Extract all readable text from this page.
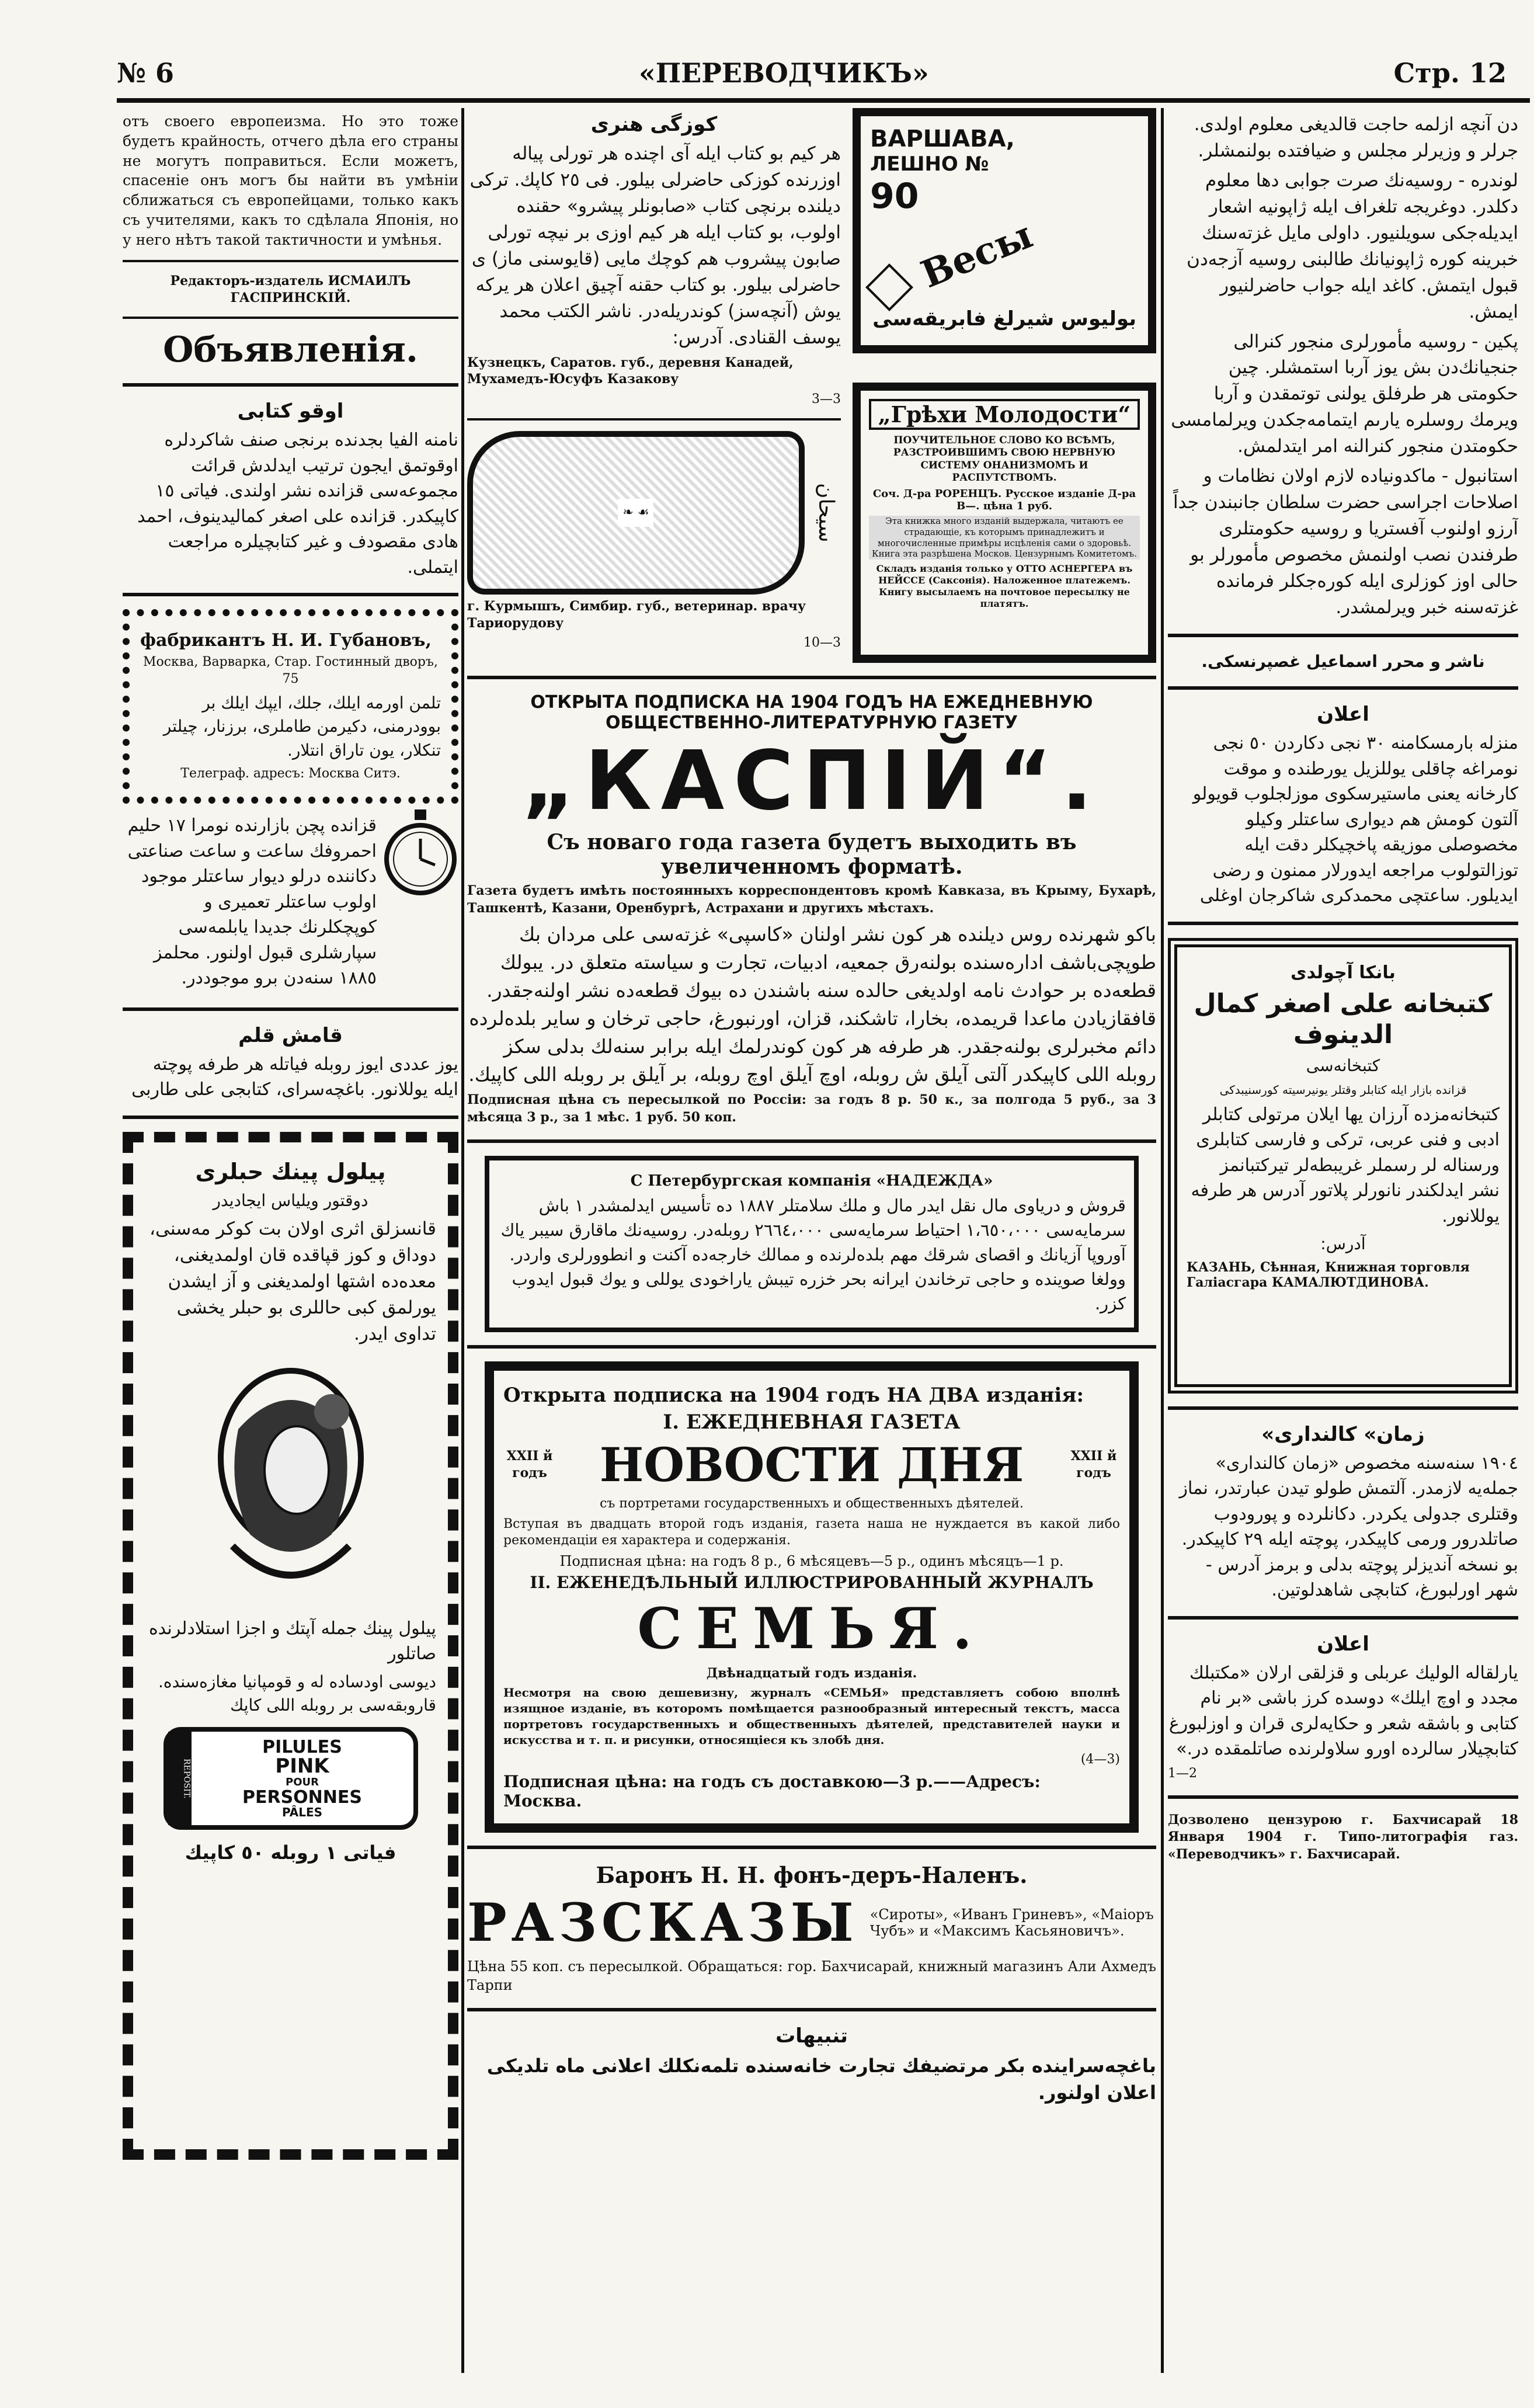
№ 6	«ПЕРЕВОДЧИКЪ»	Стр. 12

отъ своего европеизма. Но это тоже будетъ крайность, отчего дѣла его страны не могутъ поправиться. Если можетъ, спасеніе онъ могъ бы найти въ умѣніи сближаться съ европейцами, только какъ съ учителями, какъ то сдѣлала Японія, но у него нѣтъ такой тактичности и умѣнья.

Редакторъ-издатель ИСМАИЛЪ ГАСПРИНСКІЙ.

Объявленія.
اوقو كتابى

نامنه الفيا بجدنده برنجى صنف شاكردلره اوقوتمق ايجون ترتيب ايدلدش قرائت مجموعه‌سى قزانده نشر اولندى. فياتى ١٥ كاپيكدر. قزانده على اصغر كماليدينوف، احمد هادى مقصودف و غير كتابچيلره مراجعت ايتملى.

фабрикантъ Н. И. Губановъ,

Москва, Варварка, Стар. Гостинный дворъ, 75

تلمن اورمه ايلك، جلك، ايپك ايلك بر بوودرمنى، دكيرمن طاملرى، برزنار، چيلتر تنكلار، يون تاراق انتلار.

Телеграф. адресъ: Москва Ситэ.

قزانده پچن بازارنده نومرا ١٧ حليم احمروفك ساعت و ساعت صناعتى دكاننده درلو ديوار ساعتلر موجود اولوب ساعتلر تعميرى و كوپچكلرنك جديدا يابلمه‌سى سپارشلرى قبول اولنور. محلمز ١٨٨٥ سنه‌دن برو موجوددر.

قامش قلم

يوز عددى ايوز روبله فياتله هر طرفه پوچته ايله يوللانور. باغچه‌سراى، كتابجى على طاربى

پيلول پينك حبلرى

دوقتور ويلياس ايجاديدر

قانسزلق اثرى اولان بت كوكر مه‌سنى، دوداق و كوز قپاقده قان اولمديغنى، معده‌ده اشتها اولمديغنى و آز ايشدن يورلمق كبى حاللرى بو حبلر يخشى تداوى ايدر.

پيلول پينك جمله آپتك و اجزا استلادلرنده صاتلور

ديوسى اودساده له و قومپانيا مغازه‌سنده. قاروبقه‌سى بر روبله اللى كاپك

REPOSIT.
PILULES
PINK
POUR
PERSONNES
PÂLES

فياتى ١ روبله ٥٠ كاپيك

كوزگى هنرى

هر كيم بو كتاب ايله آى اچنده هر تورلى پيالە اوزرنده كوزكى حاضرلى بيلور. فى ٢٥ كاپك. تركى ديلنده برنچى كتاب «صابونلر پيشرو» حقنده اولوب، بو كتاب ايله هر كيم اوزى بر نيچه تورلى صابون پيشروب هم كوچك مايى (قايوسنى ماز) ى حاضرلى بيلور. بو كتاب حقنه آچيق اعلان هر يركه يوش (آنچه‌سز) كوندريلەدر. ناشر الكتب محمد يوسف القنادى. آدرس:

Кузнецкъ, Саратов. губ., деревня Канадей, Мухамедъ-Юсуфъ Казакову

3—3

☙ ❧	سيحان

г. Курмышъ, Симбир. губ., ветеринар. врачу Тариорудову

10—3

ВАРШАВА,
ЛЕШНО №
90
Весы
بوليوس شيرلغ فابريقه‌سى
„Грѣхи Молодости“

ПОУЧИТЕЛЬНОЕ СЛОВО КО ВСѢМЪ, РАЗСТРОИВШИМЪ СВОЮ НЕРВНУЮ СИСТЕМУ ОНАНИЗМОМЪ И РАСПУТСТВОМЪ.

Соч. Д-ра РОРЕНЦЪ. Русское изданіе Д-ра В—. цѣна 1 руб.

Эта книжка много изданій выдержала, читаютъ ее страдающіе, къ которымъ принадлежитъ и многочисленные примѣры исцѣленія сами о здоровьѣ. Книга эта разрѣшена Москов. Цензурнымъ Комитетомъ.

Складъ изданія только у ОТТО АСНЕРГЕРА въ НЕЙССЕ (Саксонія). Наложенное платежемъ. Книгу высылаемъ на почтовое пересылку не платятъ.

ОТКРЫТА ПОДПИСКА НА 1904 ГОДЪ НА ЕЖЕДНЕВНУЮ ОБЩЕСТВЕННО-ЛИТЕРАТУРНУЮ ГАЗЕТУ

„КАСПІЙ“.

Съ новаго года газета будетъ выходить въ увеличенномъ форматѣ.

Газета будетъ имѣть постоянныхъ корреспондентовъ кромѣ Кавказа, въ Крыму, Бухарѣ, Ташкентѣ, Казани, Оренбургѣ, Астрахани и другихъ мѣстахъ.

باكو شهرنده روس ديلنده هر كون نشر اولنان «كاسپى» غزته‌سى على مردان بك طوپچى‌باشف اداره‌سنده بولنه‌رق جمعيه، ادبيات، تجارت و سياسته متعلق در. يبولك قطعه‌ده بر حوادث نامه اولديغى حالده سنه باشندن ده بيوك قطعه‌ده نشر اولنه‌جقدر. قافقازيادن ماعدا قريمده، بخارا، تاشكند، قزان، اورنبورغ، حاجى ترخان و ساير بلده‌لرده دائم مخبرلرى بولنه‌جقدر. هر طرفه هر كون كوندرلمك ايله برابر سنه‌لك بدلى سكز روبله اللى كاپيكدر آلتى آيلق ش روبله، اوچ آيلق اوچ روبله، بر آيلق بر روبله اللى كاپيك.

Подписная цѣна съ пересылкой по Россіи: за годъ 8 р. 50 к., за полгода 5 руб., за 3 мѣсяца 3 р., за 1 мѣс. 1 руб. 50 коп.

С Петербургская компанія «НАДЕЖДА»

قروش و درياوى مال نقل ايدر مال و ملك سلامتلر ١٨٨٧ ده تأسيس ايدلمشدر ١ باش سرمايه‌سى ١،٦٥٠،٠٠٠ احتياط سرمايه‌سى ٢٦٦٤،٠٠٠ روبله‌در. روسيه‌نك ماقارق سيبر ياك آوروپا آزيانك و اقصاى شرقك مهم بلده‌لرنده و ممالك خارجه‌ده آكنت و انطوورلرى واردر. وولغا صوينده و حاجى ترخاندن ايرانه بحر خزره تيبش ياراخودى يوللى و يوك قبول ايدوب كزر.

Открыта подписка на 1904 годъ НА ДВА изданія:

I. ЕЖЕДНЕВНАЯ ГАЗЕТА

XXII й годъ НОВОСТИ ДНЯ	XXII й годъ

съ портретами государственныхъ и общественныхъ дѣятелей.

Вступая въ двадцать второй годъ изданія, газета наша не нуждается въ какой либо рекомендаціи ея характера и содержанія.

Подписная цѣна: на годъ 8 р., 6 мѣсяцевъ—5 р., одинъ мѣсяцъ—1 р.

II. ЕЖЕНЕДѢЛЬНЫЙ ИЛЛЮСТРИРОВАННЫЙ ЖУРНАЛЪ

СЕМЬЯ.

Двѣнадцатый годъ изданія.

Несмотря на свою дешевизну, журналъ «СЕМЬЯ» представляетъ собою вполнѣ изящное изданіе, въ которомъ помѣщается разнообразный интересный текстъ, масса портретовъ государственныхъ и общественныхъ дѣятелей, представителей науки и искусства и т. п. и рисунки, относящіеся къ злобѣ дня.

(4—3)

Подписная цѣна: на годъ съ доставкою—3 р.——Адресъ: Москва.

Баронъ Н. Н. фонъ-деръ-Наленъ.

РАЗСКАЗЫ «Сироты», «Иванъ Гриневъ», «Маіоръ Чубъ» и «Максимъ Касьяновичъ».

Цѣна 55 коп. съ пересылкой. Обращаться: гор. Бахчисарай, книжный магазинъ Али Ахмедъ Тарпи

تنبيهات

باغچه‌سراينده بكر مرتضيفك تجارت خانه‌سنده تلمه‌نكلك اعلانى ماه تلديكى اعلان اولنور.

دن آنچه ازلمه حاجت قالديغى معلوم اولدى. جرلر و وزيرلر مجلس و ضيافتده بولنمشلر.

لوندره - روسيه‌نك صرت جوابى دها معلوم دكلدر. دوغريجه تلغراف ايله ژاپونيه اشعار ايديلەجكى سويلنيور. داولى مايل غزته‌سنك خبرينه كوره ژاپونيانك طالبنى روسيه آزجه‌دن قبول ايتمش. كاغد ايله جواب حاضرلنيور ايمش.

پكين - روسيه مأمورلرى منجور كنرالى جنجيانك‌دن بش يوز آربا استمشلر. چين حكومتى هر طرفلق يولنى توتمقدن و آربا ويرمك روسلره يارىم ايتمامه‌جكدن ويرلمامسى حكومتدن منجور كنرالنه امر ايتدلمش.

استانبول - ماكدونياده لازم اولان نظامات و اصلاحات اجراسى حضرت سلطان جانبندن جداً آرزو اولنوب آفستريا و روسيه حكومتلرى طرفندن نصب اولنمش مخصوص مأمورلر بو حالى اوز كوزلرى ايله كوره‌جكلر فرمانده غزته‌سنه خبر ويرلمشدر.

ناشر و محرر اسماعيل غصپرنسكى.

اعلان

منزله بارمسكامنه ٣٠ نجى دكاردن ٥٠ نجى نومراغه چاقلى يوللزيل يورطنده و موقت كارخانه يعنى ماستيرسكوى موزلجلوب قويولو آلتون كومش هم ديوارى ساعتلر وكيلو مخصوصلى موزيقه پاخچيكلر دقت ايله توزالتولوب مراجعه ايدورلار ممنون و رضى ايديلور. ساعتچى محمدكرى شاكرجان اوغلى

بانكا آچولدى

كتبخانه على اصغر كمال الدينوف

كتبخانه‌سى

قزانده بازار ايله كتابلر وقتلر يونيرسيته كورسنيبدكى

كتبخانه‌مزده آرزان يها ايلان مرتولى كتابلر ادبى و فنى عربى، تركى و فارسى كتابلرى ورسنالە لر رسملر غريبطەلر تيركتبانمز نشر ايدلكندر نانورلر پلاتور آدرس هر طرفه يوللانور.

آدرس:

КАЗАНЬ, Сѣнная, Книжная торговля Галіасгара КАМАЛЮТДИНОВА.

«زمان» كالندارى

١٩٠٤ سنه‌سنه مخصوص «زمان كالندارى» جمله‌يه لازمدر. آلتمش طولو تيدن عبارتدر، نماز وقتلرى جدولى يكردر. دكانلرده و پورودوب صاتلدرور ورمى كاپيكدر، پوچته ايله ٢٩ كاپيكدر. بو نسخه آنديزلر پوچته بدلى و برمز آدرس - شهر اورلبورغ، كتابچى شاهدلوتين.

اعلان

يارلقاله الوليك عربلى و قزلقى ارلان «مكتبلك مجدد و اوچ ايلك» دوسده كرز باشى «بر نام كتابى و باشقه شعر و حكايه‌لرى قران و اوزلبورغ كتابچيلار سالرده اورو سلاولرنده صاتلمقده در.»

1—2

Дозволено цензурою г. Бахчисарай 18 Января 1904 г. Типо-литографія газ. «Переводчикъ» г. Бахчисарай.
